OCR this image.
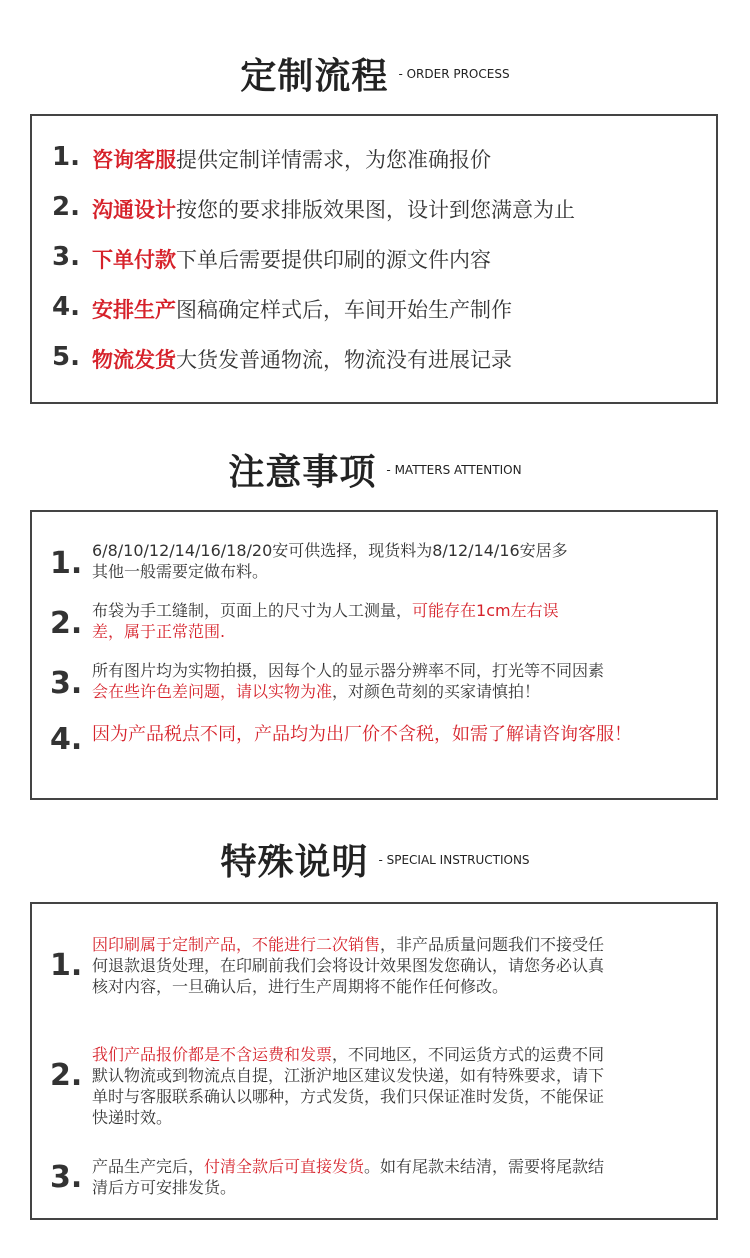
定制流程 - ORDER PROCESS
1. 咨询客服提供定制详情需求，为您准确报价
2. 沟通设计按您的要求排版效果图，设计到您满意为止
3. 下单付款下单后需要提供印刷的源文件内容
4. 安排生产图稿确定样式后，车间开始生产制作
5. 物流发货大货发普通物流，物流没有进展记录
注意事项 - MATTERS ATTENTION
1. 6/8/10/12/14/16/18/20安可供选择，现货料为8/12/14/16安居多
其他一般需要定做布料。
2. 布袋为手工缝制，页面上的尺寸为人工测量，可能存在1cm左右误
差，属于正常范围.
3. 所有图片均为实物拍摄，因每个人的显示器分辨率不同，打光等不同因素
会在些许色差问题，请以实物为准，对颜色苛刻的买家请慎拍！
4. 因为产品税点不同，产品均为出厂价不含税，如需了解请咨询客服！
特殊说明 - SPECIAL INSTRUCTIONS
1.
因印刷属于定制产品，不能进行二次销售，非产品质量问题我们不接受任
何退款退货处理，在印刷前我们会将设计效果图发您确认，请您务必认真
核对内容，一旦确认后，进行生产周期将不能作任何修改。
2.
我们产品报价都是不含运费和发票，不同地区，不同运货方式的运费不同
默认物流或到物流点自提，江浙沪地区建议发快递，如有特殊要求，请下
单时与客服联系确认以哪种，方式发货，我们只保证准时发货，不能保证
快递时效。
3. 产品生产完后，付清全款后可直接发货。如有尾款未结清，需要将尾款结
清后方可安排发货。
